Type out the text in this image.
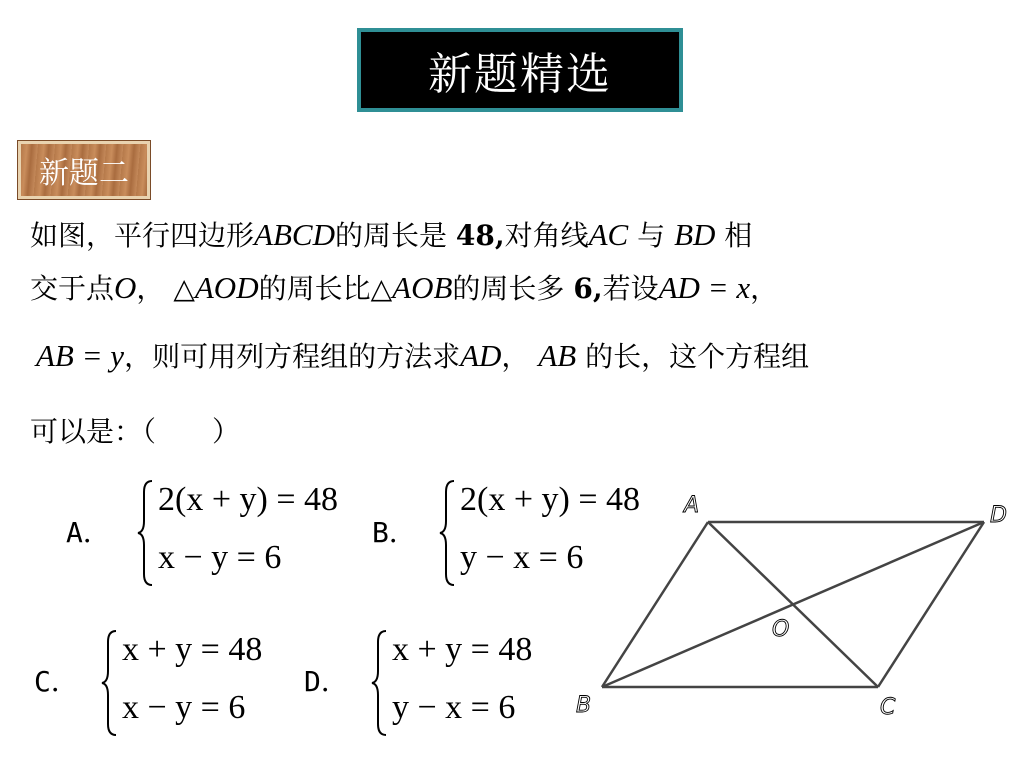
新题精选
新题二
如图，平行四边形ABCD的周长是 48,对角线AC 与 BD 相
交于点O， △AOD的周长比△AOB的周长多 6,若设AD = x，
AB = y，则可用列方程组的方法求AD， AB 的长，这个方程组
可以是：（　　）
A．
2(x + y) = 48
x − y = 6
B．
2(x + y) = 48
y − x = 6
C．
x + y = 48
x − y = 6
D．
x + y = 48
y − x = 6
A	D
O
B	C
